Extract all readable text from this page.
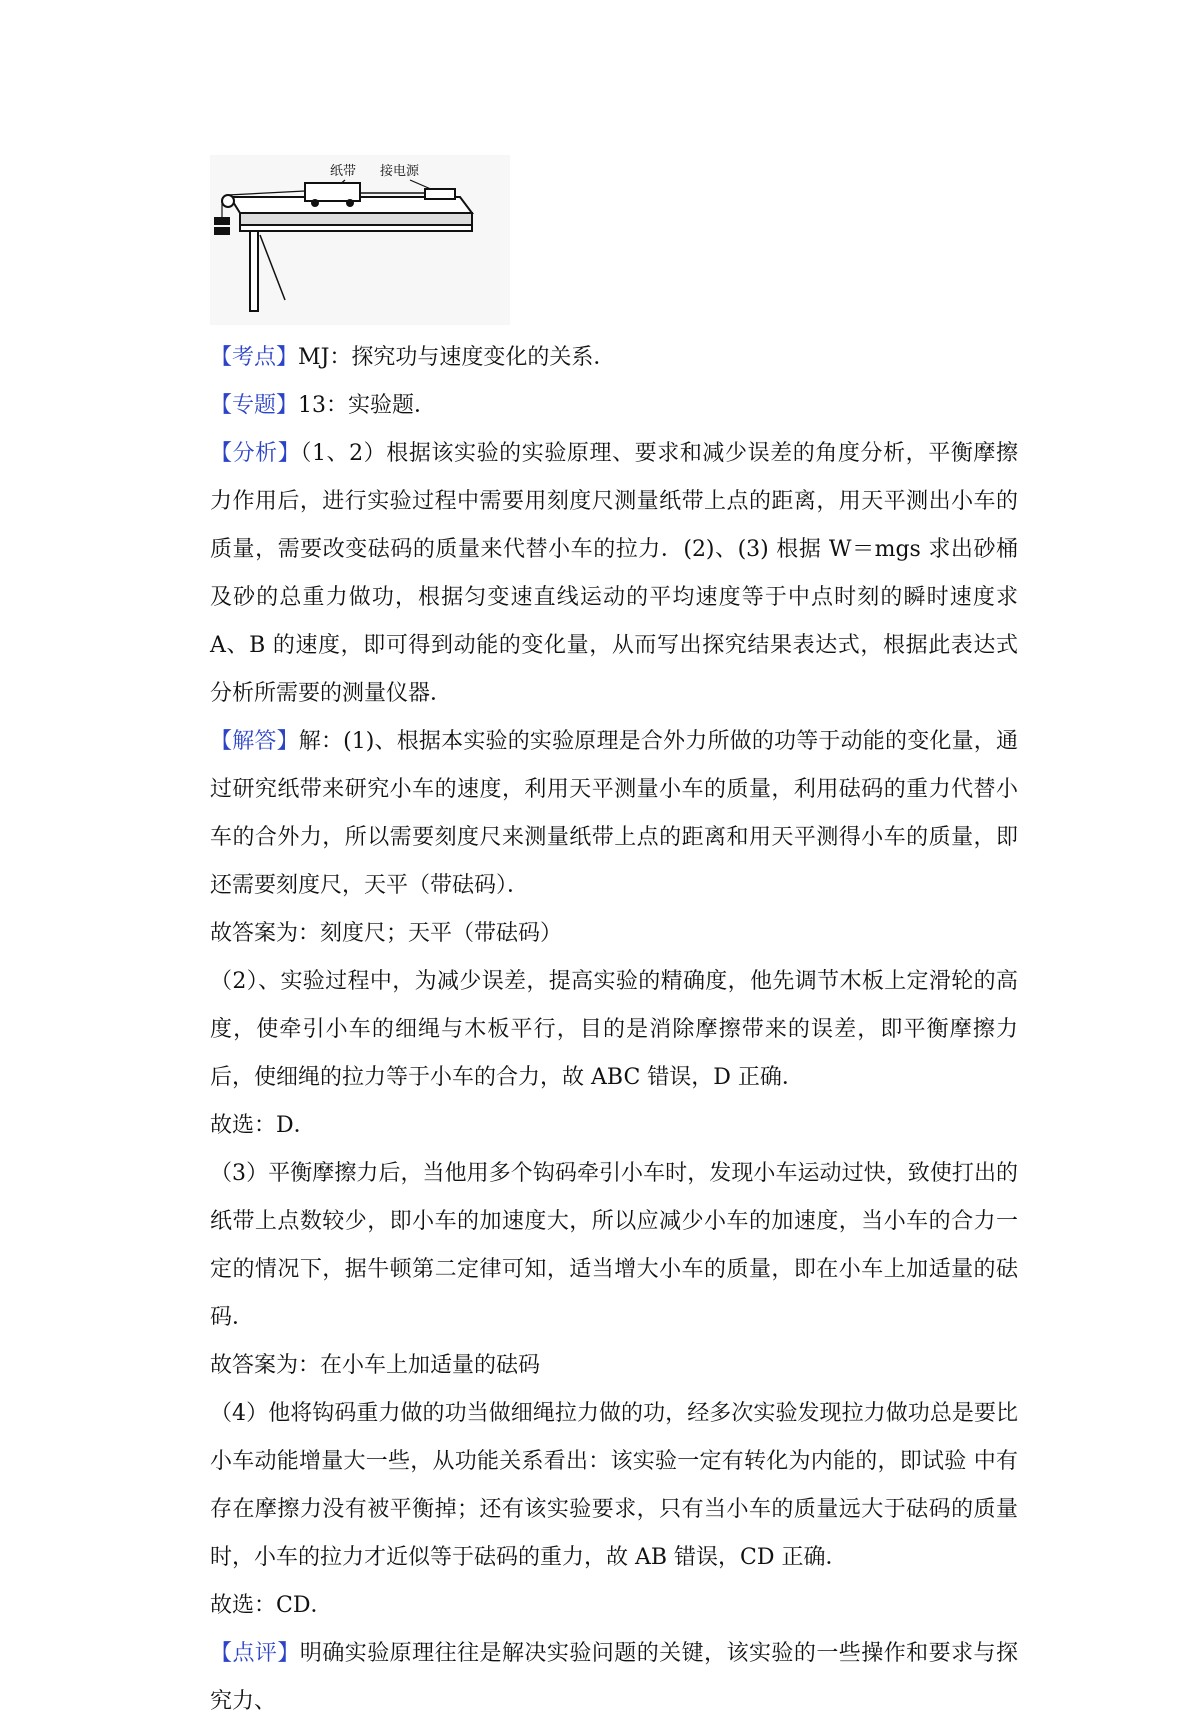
纸带 接电源

【考点】MJ：探究功与速度变化的关系．

【专题】13：实验题．

【分析】（1、2）根据该实验的实验原理、要求和减少误差的角度分析，平衡摩擦力作用后，进行实验过程中需要用刻度尺测量纸带上点的距离，用天平测出小车的质量，需要改变砝码的质量来代替小车的拉力．(2)、(3) 根据 W＝mgs 求出砂桶及砂的总重力做功，根据匀变速直线运动的平均速度等于中点时刻的瞬时速度求 A、B 的速度，即可得到动能的变化量，从而写出探究结果表达式，根据此表达式分析所需要的测量仪器．

【解答】解：(1)、根据本实验的实验原理是合外力所做的功等于动能的变化量，通过研究纸带来研究小车的速度，利用天平测量小车的质量，利用砝码的重力代替小车的合外力，所以需要刻度尺来测量纸带上点的距离和用天平测得小车的质量，即还需要刻度尺，天平（带砝码）．

故答案为：刻度尺；天平（带砝码）

（2）、实验过程中，为减少误差，提高实验的精确度，他先调节木板上定滑轮的高度，使牵引小车的细绳与木板平行，目的是消除摩擦带来的误差，即平衡摩擦力后，使细绳的拉力等于小车的合力，故 ABC 错误，D 正确．

故选：D．

（3）平衡摩擦力后，当他用多个钩码牵引小车时，发现小车运动过快，致使打出的纸带上点数较少，即小车的加速度大，所以应减少小车的加速度，当小车的合力一定的情况下，据牛顿第二定律可知，适当增大小车的质量，即在小车上加适量的砝码．

故答案为：在小车上加适量的砝码

（4）他将钩码重力做的功当做细绳拉力做的功，经多次实验发现拉力做功总是要比小车动能增量大一些，从功能关系看出：该实验一定有转化为内能的，即试验 中有存在摩擦力没有被平衡掉；还有该实验要求，只有当小车的质量远大于砝码的质量时，小车的拉力才近似等于砝码的重力，故 AB 错误，CD 正确．

故选：CD．

【点评】明确实验原理往往是解决实验问题的关键，该实验的一些操作和要求与探究力、
